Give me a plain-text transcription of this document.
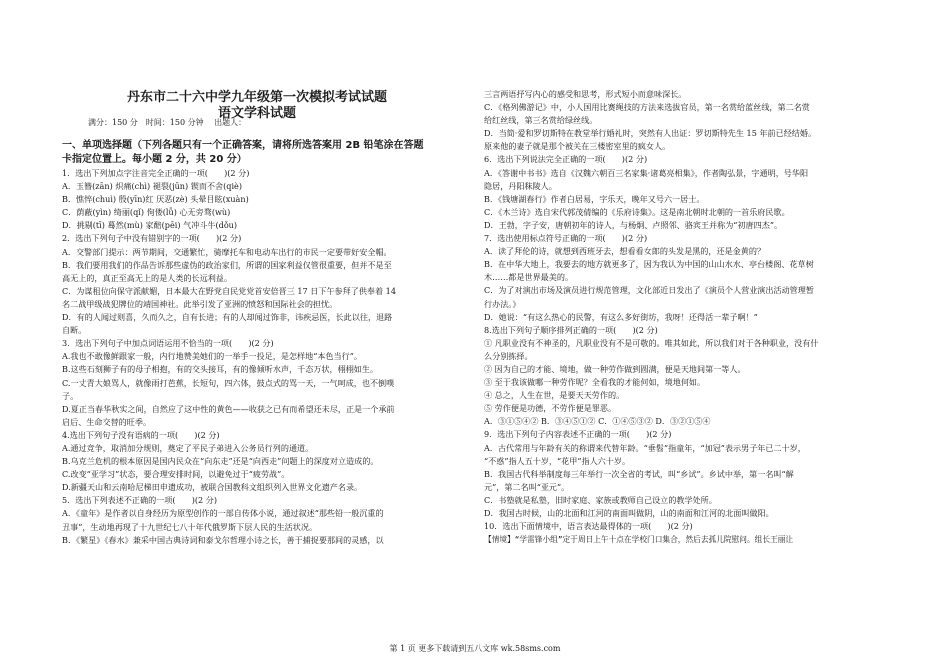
丹东市二十六中学九年级第一次模拟考试试题
语文学科试题
满分：150 分　时间：150 分钟　 出题人：
一、单项选择题（下列各题只有一个正确答案，请将所选答案用 2B 铅笔涂在答题
卡指定位置上。每小题 2 分，共 20 分）
1．选出下列加点字注音完全正确的一项(　　)(2 分)
A．玉簪(zān) 炽痛(chì) 褪裂(jūn) 锲而不舍(qiè)
B．憔悴(chuì) 殷(yīn)红 厌恶(zè) 头晕目眩(xuàn)
C．荫蔽(yìn) 绮丽(qǐ) 佝偻(lǚ) 心无旁骛(wù)
D．挑剔(tī) 蓦然(mù) 家醅(pēi) 气冲斗牛(dǒu)
2．选出下列句子中没有错别字的一项(　　)(2 分)
A．交警部门提示：两节期间，交通繁忙，骑摩托车和电动车出行的市民一定要带好安全帽。
B．我们要用我们的作品告诉那些虚伪的政治家们，所谓的国家利益仅管很重要，但并不是至
高无上的，真正至高无上的是人类的长远利益。
C．为谋租位向保守派献媚，日本最大在野党自民党党首安倍晋三 17 日下午参拜了供奉着 14
名二战甲级战犯牌位的靖国神社。此举引发了亚洲的愤怒和国际社会的担忧。
D．有的人闻过则喜，久而久之，自有长进；有的人却闻过饰非，讳疾忌医，长此以往，退路
自断。
3．选出下列句子中加点词语运用不恰当的一项(　　)(2 分)
A.我也不敢像鲜跟家一般，内行地赞美她们的一举手一投足，是怎样地“本色当行”。
B.这些石刻狮子有的母子相抱，有的交头接耳，有的像倾听水声，千态万状，栩栩如生。
C.一丈青大娘骂人，就像雨打芭蕉，长短句，四六体，鼓点式的骂一天，一气呵成，也不倒噗
子。
D.夏正当春华秋实之间，自然应了这中性的黄色——收获之已有而希望还未尽，正是一个承前
启后、生命交替的旺季。
4.选出下列句子没有语病的一项(　　)(2 分)
A.通过竞争，取消加分规则，奠定了平民子弟进入公务员行列的通道。
B.乌克兰危机的根本原因是国内民众在“向东走”还是“向西走”问题上的深度对立造成的。
C.改变“亚学习”状态，要合理安排时间，以避免过于“疲劳战”。
D.新疆天山和云南哈尼梯田申遗成功，被联合国教科文组织列入世界文化遗产名录。
5．选出下列表述不正确的一项(　　)(2 分)
A．《童年》是作者以自身经历为原型创作的一部自传体小说，通过叙述“那些铅一般沉重的
丑事”，生动地再现了十九世纪七八十年代俄罗斯下层人民的生活状况。
B．《繁星》《春水》兼采中国古典诗词和泰戈尔哲理小诗之长，善于捕捉要那间的灵感，以
三言两语抒写内心的感受和思考，形式短小而意味深长。
C．《格列佛游记》中，小人国用比赛绳技的方法来选拔官员，第一名赏给蓝丝线，第二名赏
给红丝线，第三名赏给绿丝线。
D．当简·爱和罗切斯特在教堂举行婚礼时，突然有人出证：罗切斯特先生 15 年前已经结婚。
原来他的妻子就是那个被关在三楼密室里的疯女人。
6．选出下列说法完全正确的一项(　　)(2 分)
A．《答谢中书书》选自《汉魏六朝百三名家集·诸葛亮相集》，作者陶弘景，字通明，号华阳
隐居，丹阳秣陵人。
B．《钱塘湖春行》作者白居易，字乐天，晚年又号六一居士。
C．《木兰诗》选自宋代郭茂倩编的《乐府诗集》。这是南北朝时北朝的一首乐府民歌。
D．王勃，字子安，唐朝初年的诗人，与杨炯、卢照邻、骆宾王并称为“初唐四杰”。
7．选出使用标点符号正确的一项(　　)(2 分)
A．读了拜伦的诗，就想到西班牙去，想看看女郎的头发是黑的，还是金黄的？
B．在中华大地上，我要去的地方就更多了，因为我认为中国的山山水水、亭台楼阁、花草树
木……都是世界最美的。
C．为了对演出市场及演员进行规范管理，文化部近日发出了《演员个人营业演出活动管理暂
行办法。》
D．她说：“有这么热心的民警，有这么多好街坊，我呀！还得活一辈子啊！”
8.选出下列句子顺序排列正确的一项(　　)(2 分)
① 凡职业没有不神圣的，凡职业没有不是可敬的。唯其如此，所以我们对于各种职业，没有什
么分别拣择。
② 因为自己的才能、境地，做一种劳作做到圆满，便是天地间第一等人。
③ 至于我该做哪一种劳作呢？全看我的才能何如，境地何如。
④ 总之，人生在世，是要天天劳作的。
⑤ 劳作便是功德，不劳作便是罪恶。
A．③①⑤④② B．③④⑤①② C．①④⑤③② D．③②①⑤④
9．选出下列句子内容表述不正确的一项(　　)(2 分)
A．古代常用与年龄有关的称谓来代替年龄。“垂髫”指童年，“加冠”表示男子年已二十岁，
“不惑”指人五十岁，“花甲”指人六十岁。
B．我国古代科举制度每三年举行一次全省的考试，叫“乡试”。乡试中举，第一名叫“解
元”，第二名叫“亚元”。
C．书塾就是私塾，旧时家庭、家族或教师自己设立的教学处所。
D．我国古时候，山的北面和江河的南面叫做阴，山的南面和江河的北面叫做阳。
10．选出下面情境中，语言表达最得体的一项(　　)(2 分)
【情境】“学雷锋小组”定于周日上午十点在学校门口集合，然后去孤儿院慰问。组长王丽让
第 1 页 更多下载请到五八文库 wk.58sms.com
